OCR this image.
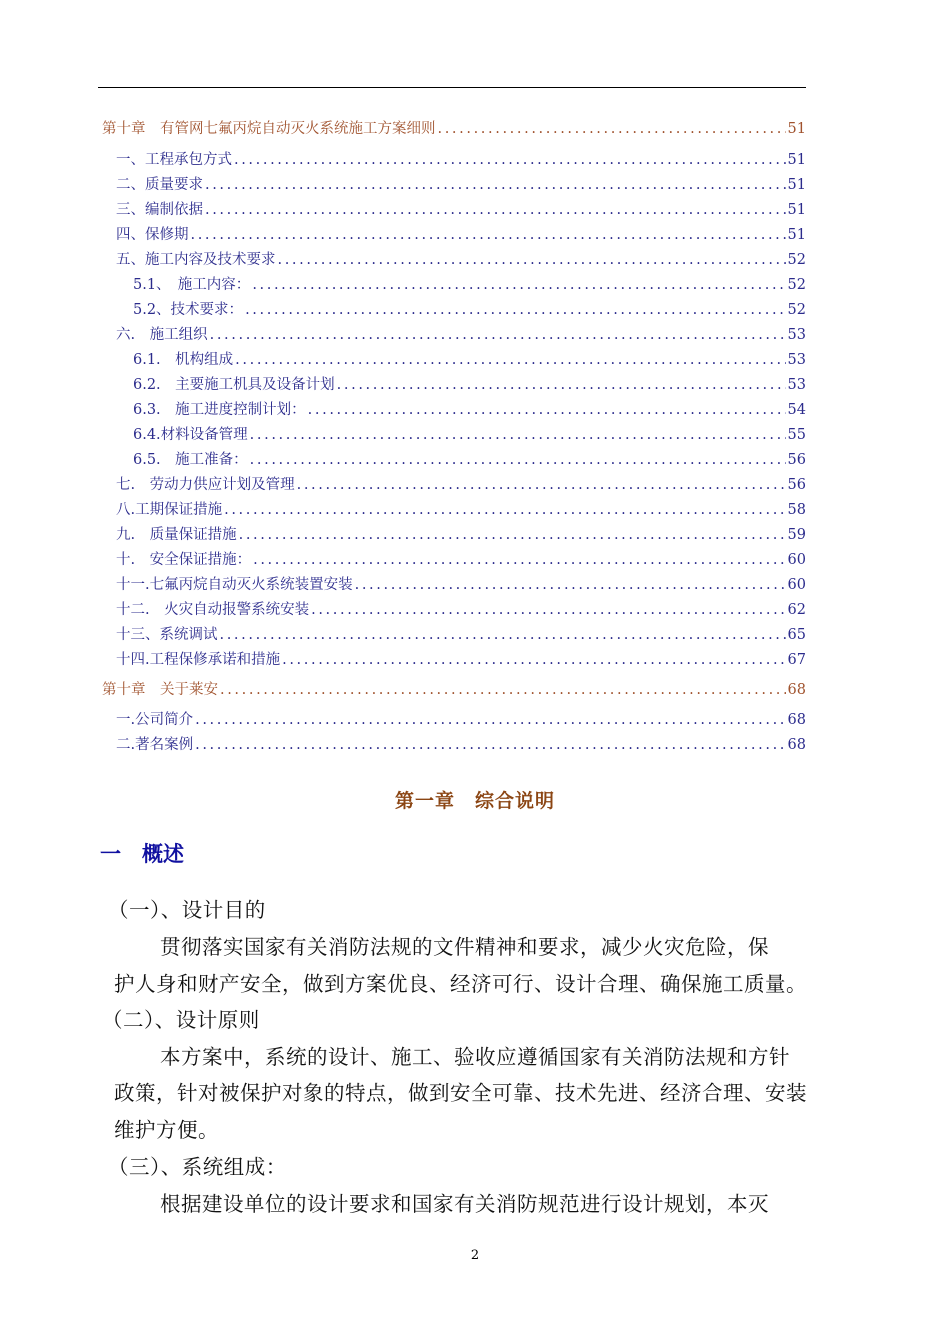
第十章　有管网七氟丙烷自动灭火系统施工方案细则 . . .	51
一、工程承包方式 . . .	51
二、质量要求 . . .	51
三、编制依据 . . .	51
四、保修期 . . .	51
五、施工内容及技术要求 . . .	52
5.1、　施工内容： . . .	52
5.2、技术要求： . . .	52
六.　施工组织 . . .	53
6.1.　机构组成 . . .	53
6.2.　主要施工机具及设备计划 . . .	53
6.3.　施工进度控制计划： . . .	54
6.4.材料设备管理 . . .	55
6.5.　施工准备： . . .	56
七.　劳动力供应计划及管理 . . .	56
八.工期保证措施 . . .	58
九.　质量保证措施 . . .	59
十.　安全保证措施： . . .	60
十一.七氟丙烷自动灭火系统装置安装 . . .	60
十二.　火灾自动报警系统安装 . . .	62
十三、系统调试 . . .	65
十四.工程保修承诺和措施 . . .	67
第十章　关于莱安 . . .	68
一.公司简介 . . .	68
二.著名案例 . . .	68
第一章　综合说明
一　概述
（一）、设计目的
贯彻落实国家有关消防法规的文件精神和要求，减少火灾危险，保
护人身和财产安全，做到方案优良、经济可行、设计合理、确保施工质量。
（二）、设计原则
本方案中，系统的设计、施工、验收应遵循国家有关消防法规和方针
政策，针对被保护对象的特点，做到安全可靠、技术先进、经济合理、安装
维护方便。
（三）、系统组成：
根据建设单位的设计要求和国家有关消防规范进行设计规划，本灭
2
